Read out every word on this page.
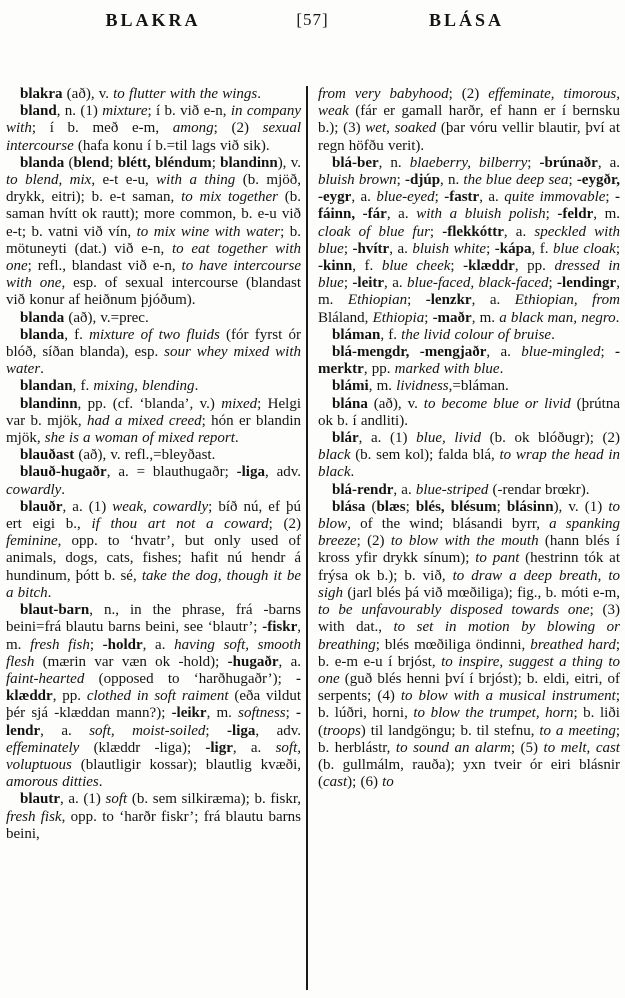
BLAKRA	[57]	BLÁSA

blakra (að), v. to flutter with the wings.

bland, n. (1) mixture; í b. við e-n, in company with; í b. með e-m, among; (2) sexual intercourse (hafa konu í b.=til lags við sik).

blanda (blend; blétt, bléndum; blandinn), v. to blend, mix, e-t e-u, with a thing (b. mjöð, drykk, eitri); b. e-t saman, to mix together (b. saman hvítt ok rautt); more common, b. e-u við e-t; b. vatni við vín, to mix wine with water; b. mötuneyti (dat.) við e-n, to eat together with one; refl., blandast við e-n, to have intercourse with one, esp. of sexual intercourse (blandast við konur af heiðnum þjóðum).

blanda (að), v.=prec.

blanda, f. mixture of two fluids (fór fyrst ór blóð, síðan blanda), esp. sour whey mixed with water.

blandan, f. mixing, blending.

blandinn, pp. (cf. ‘blanda’, v.) mixed; Helgi var b. mjök, had a mixed creed; hón er blandin mjök, she is a woman of mixed report.

blauðast (að), v. refl.,=bleyðast.

blauð-hugaðr, a. = blauthugaðr; -liga, adv. cowardly.

blauðr, a. (1) weak, cowardly; bíð nú, ef þú ert eigi b., if thou art not a coward; (2) feminine, opp. to ‘hvatr’, but only used of animals, dogs, cats, fishes; hafit nú hendr á hundinum, þótt b. sé, take the dog, though it be a bitch.

blaut-barn, n., in the phrase, frá -barns beini=frá blautu barns beini, see ‘blautr’; -fiskr, m. fresh fish; -holdr, a. having soft, smooth flesh (mærin var væn ok -hold); -hugaðr, a. faint-hearted (opposed to ‘harðhugaðr’); -klæddr, pp. clothed in soft raiment (eða vildut þér sjá -klæddan mann?); -leikr, m. softness; -lendr, a. soft, moist-soiled; -liga, adv. effeminately (klæddr -liga); -ligr, a. soft, voluptuous (blautligir kossar); blautlig kvæði, amorous ditties.

blautr, a. (1) soft (b. sem silkiræma); b. fiskr, fresh fisk, opp. to ‘harðr fiskr’; frá blautu barns beini,

from very babyhood; (2) effeminate, timorous, weak (fár er gamall harðr, ef hann er í bernsku b.); (3) wet, soaked (þar vóru vellir blautir, því at regn höfðu verit).

blá-ber, n. blaeberry, bilberry; -brúnaðr, a. bluish brown; -djúp, n. the blue deep sea; -eygðr, -eygr, a. blue-eyed; -fastr, a. quite immovable; -fáinn, -fár, a. with a bluish polish; -feldr, m. cloak of blue fur; -flekkóttr, a. speckled with blue; -hvítr, a. bluish white; -kápa, f. blue cloak; -kinn, f. blue cheek; -klæddr, pp. dressed in blue; -leitr, a. blue-faced, black-faced; -lendingr, m. Ethiopian; -lenzkr, a. Ethiopian, from Bláland, Ethiopia; -maðr, m. a black man, negro.

bláman, f. the livid colour of bruise.

blá-mengdr, -mengjaðr, a. blue-mingled; -merktr, pp. marked with blue.

blámi, m. lividness,=bláman.

blána (að), v. to become blue or livid (þrútna ok b. í andliti).

blár, a. (1) blue, livid (b. ok blóðugr); (2) black (b. sem kol); falda blá, to wrap the head in black.

blá-rendr, a. blue-striped (-rendar brœkr).

blása (blæs; blés, blésum; blásinn), v. (1) to blow, of the wind; blásandi byrr, a spanking breeze; (2) to blow with the mouth (hann blés í kross yfir drykk sínum); to pant (hestrinn tók at frýsa ok b.); b. við, to draw a deep breath, to sigh (jarl blés þá við mœðiliga); fig., b. móti e-m, to be unfavourably disposed towards one; (3) with dat., to set in motion by blowing or breathing; blés mœðiliga öndinni, breathed hard; b. e-m e-u í brjóst, to inspire, suggest a thing to one (guð blés henni því í brjóst); b. eldi, eitri, of serpents; (4) to blow with a musical instrument; b. lúðri, horni, to blow the trumpet, horn; b. liði (troops) til landgöngu; b. til stefnu, to a meeting; b. herblástr, to sound an alarm; (5) to melt, cast (b. gullmálm, rauða); yxn tveir ór eiri blásnir (cast); (6) to
